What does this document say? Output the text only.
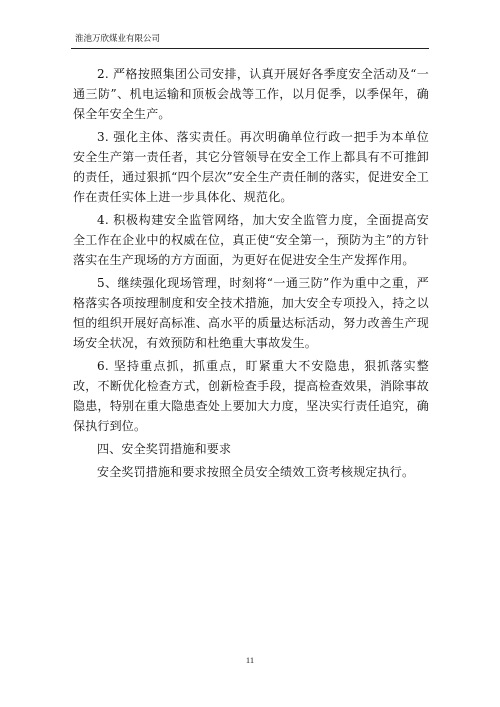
淮池万欣煤业有限公司

2. 严格按照集团公司安排，认真开展好各季度安全活动及“一通三防”、机电运输和顶板会战等工作，以月促季，以季保年，确保全年安全生产。

3. 强化主体、落实责任。再次明确单位行政一把手为本单位安全生产第一责任者，其它分管领导在安全工作上都具有不可推卸的责任，通过狠抓“四个层次”安全生产责任制的落实，促进安全工作在责任实体上进一步具体化、规范化。

4. 积极构建安全监管网络，加大安全监管力度，全面提高安全工作在企业中的权威在位，真正使“安全第一，预防为主”的方针落实在生产现场的方方面面，为更好在促进安全生产发挥作用。

5、继续强化现场管理，时刻将“一通三防”作为重中之重，严格落实各项按理制度和安全技术措施，加大安全专项投入，持之以恒的组织开展好高标准、高水平的质量达标活动，努力改善生产现场安全状况，有效预防和杜绝重大事故发生。

6. 坚持重点抓，抓重点，盯紧重大不安隐患，狠抓落实整改，不断优化检查方式，创新检查手段，提高检查效果，消除事故隐患，特别在重大隐患查处上要加大力度，坚决实行责任追究，确保执行到位。

四、安全奖罚措施和要求

安全奖罚措施和要求按照全员安全绩效工资考核规定执行。

11
